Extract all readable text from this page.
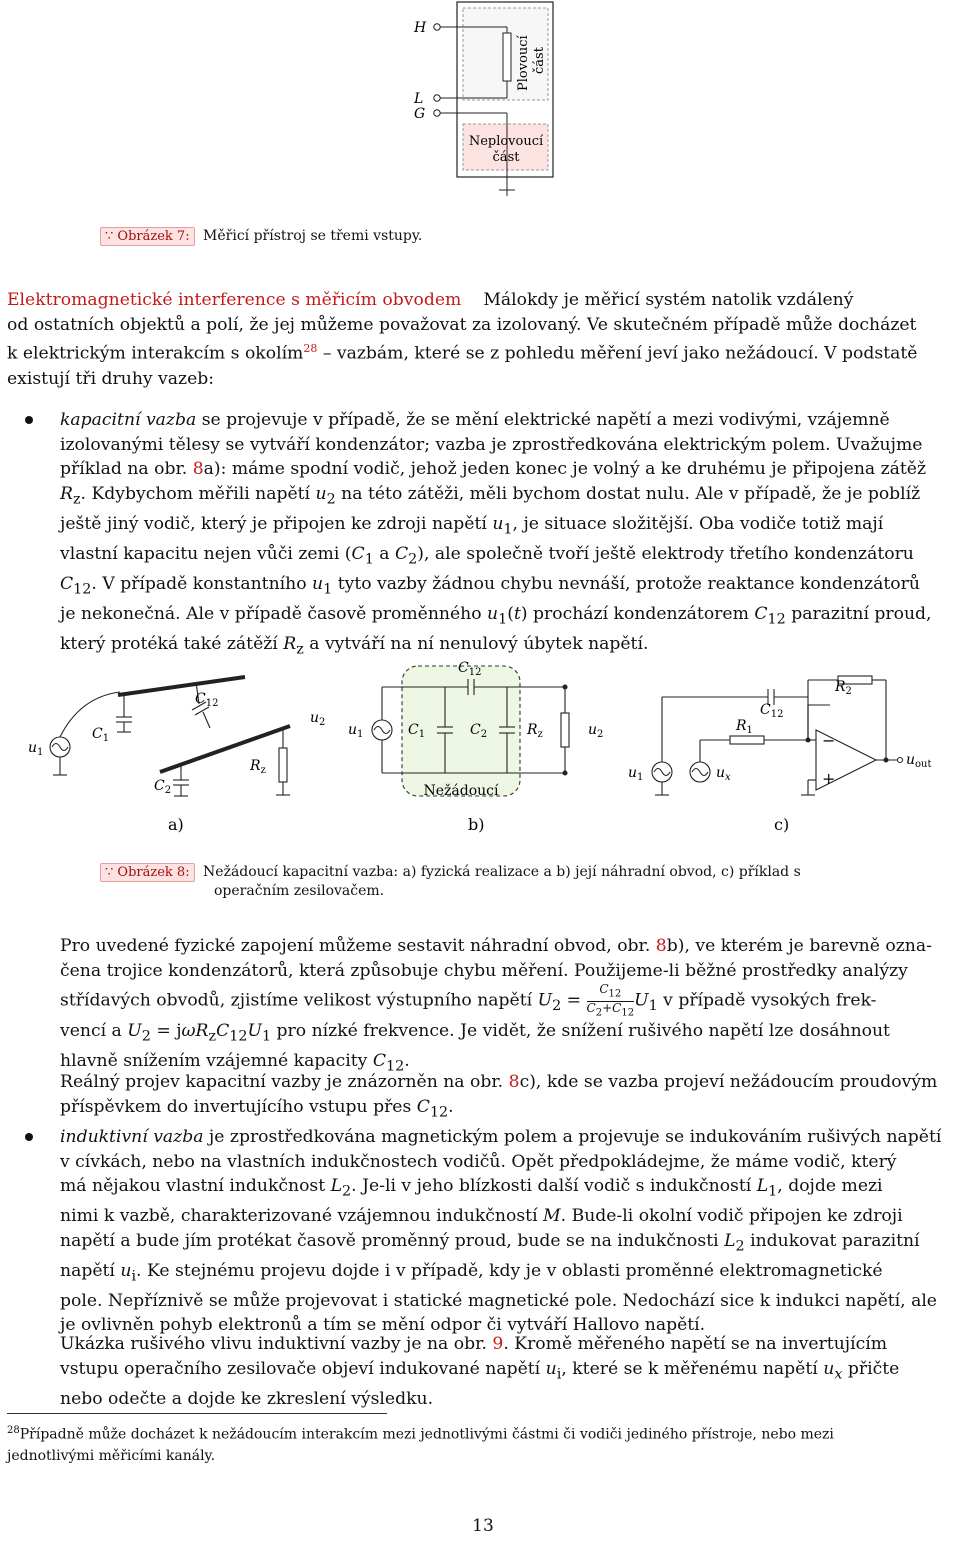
H
L
G
Plovoucí část
Neplovoucí
část
∵ Obrázek 7: Měřicí přístroj se třemi vstupy.
Elektromagnetické interference s měřicím obvodem Málokdy je měřicí systém natolik vzdálený
od ostatních objektů a polí, že jej můžeme považovat za izolovaný. Ve skutečném případě může docházet
k elektrickým interakcím s okolím$^{28}$ – vazbám, které se z pohledu měření jeví jako nežádoucí. V podstatě
existují tři druhy vazeb:
kapacitní vazba se projevuje v případě, že se mění elektrické napětí a mezi vodivými, vzájemně
izolovanými tělesy se vytváří kondenzátor; vazba je zprostředkována elektrickým polem. Uvažujme
příklad na obr. 8a): máme spodní vodič, jehož jeden konec je volný a ke druhému je připojena zátěž
$R_z$. Kdybychom měřili napětí $u_2$ na této zátěži, měli bychom dostat nulu. Ale v případě, že je poblíž
ještě jiný vodič, který je připojen ke zdroji napětí $u_1$, je situace složitější. Oba vodiče totiž mají
vlastní kapacitu nejen vůči zemi ($C_1$ a $C_2$), ale společně tvoří ještě elektrody třetího kondenzátoru
$C_{12}$. V případě konstantního $u_1$ tyto vazby žádnou chybu nevnáší, protože reaktance kondenzátorů
je nekonečná. Ale v případě časově proměnného $u_1(t)$ prochází kondenzátorem $C_{12}$ parazitní proud,
který protéká také zátěží $R_z$ a vytváří na ní nenulový úbytek napětí.
$u_1$
$C_1$
$C_{12}$
$C_2$
$R_z$
$u_2$
a)
$C_{12}$
$u_1$	$C_1$	$C_2$	$R_z$	$u_2$
Nežádoucí
b)
$R_2$
$C_{12}$
$R_1$
$u_1$	$u_x$
$u_{out}$
−
+
c)
∵ Obrázek 8: Nežádoucí kapacitní vazba: a) fyzická realizace a b) její náhradní obvod, c) příklad s
operačním zesilovačem.
Pro uvedené fyzické zapojení můžeme sestavit náhradní obvod, obr. 8b), ve kterém je barevně ozna-
čena trojice kondenzátorů, která způsobuje chybu měření. Použijeme-li běžné prostředky analýzy
střídavých obvodů, zjistíme velikost výstupního napětí $U_2 = \frac{C_{12}}{C_2+C_{12}} U_1$ v případě vysokých frek-
vencí a $U_2 = j\omega R_zC_{12}U_1$ pro nízké frekvence. Je vidět, že snížení rušivého napětí lze dosáhnout
hlavně snížením vzájemné kapacity $C_{12}$.
Reálný projev kapacitní vazby je znázorněn na obr. 8c), kde se vazba projeví nežádoucím proudovým
příspěvkem do invertujícího vstupu přes $C_{12}$.
induktivní vazba je zprostředkována magnetickým polem a projevuje se indukováním rušivých napětí
v cívkách, nebo na vlastních indukčnostech vodičů. Opět předpokládejme, že máme vodič, který
má nějakou vlastní indukčnost $L_2$. Je-li v jeho blízkosti další vodič s indukčností $L_1$, dojde mezi
nimi k vazbě, charakterizované vzájemnou indukčností M. Bude-li okolní vodič připojen ke zdroji
napětí a bude jím protékat časově proměnný proud, bude se na indukčnosti $L_2$ indukovat parazitní
napětí $u_i$. Ke stejnému projevu dojde i v případě, kdy je v oblasti proměnné elektromagnetické
pole. Nepříznivě se může projevovat i statické magnetické pole. Nedochází sice k indukci napětí, ale
je ovlivněn pohyb elektronů a tím se mění odpor či vytváří Hallovo napětí.
Ukázka rušivého vlivu induktivní vazby je na obr. 9. Kromě měřeného napětí se na invertujícím
vstupu operačního zesilovače objeví indukované napětí $u_i$, které se k měřenému napětí $u_x$ přičte
nebo odečte a dojde ke zkreslení výsledku.
$^{28}$Případně může docházet k nežádoucím interakcím mezi jednotlivými částmi či vodiči jediného přístroje, nebo mezi
jednotlivými měřicími kanály.
13
